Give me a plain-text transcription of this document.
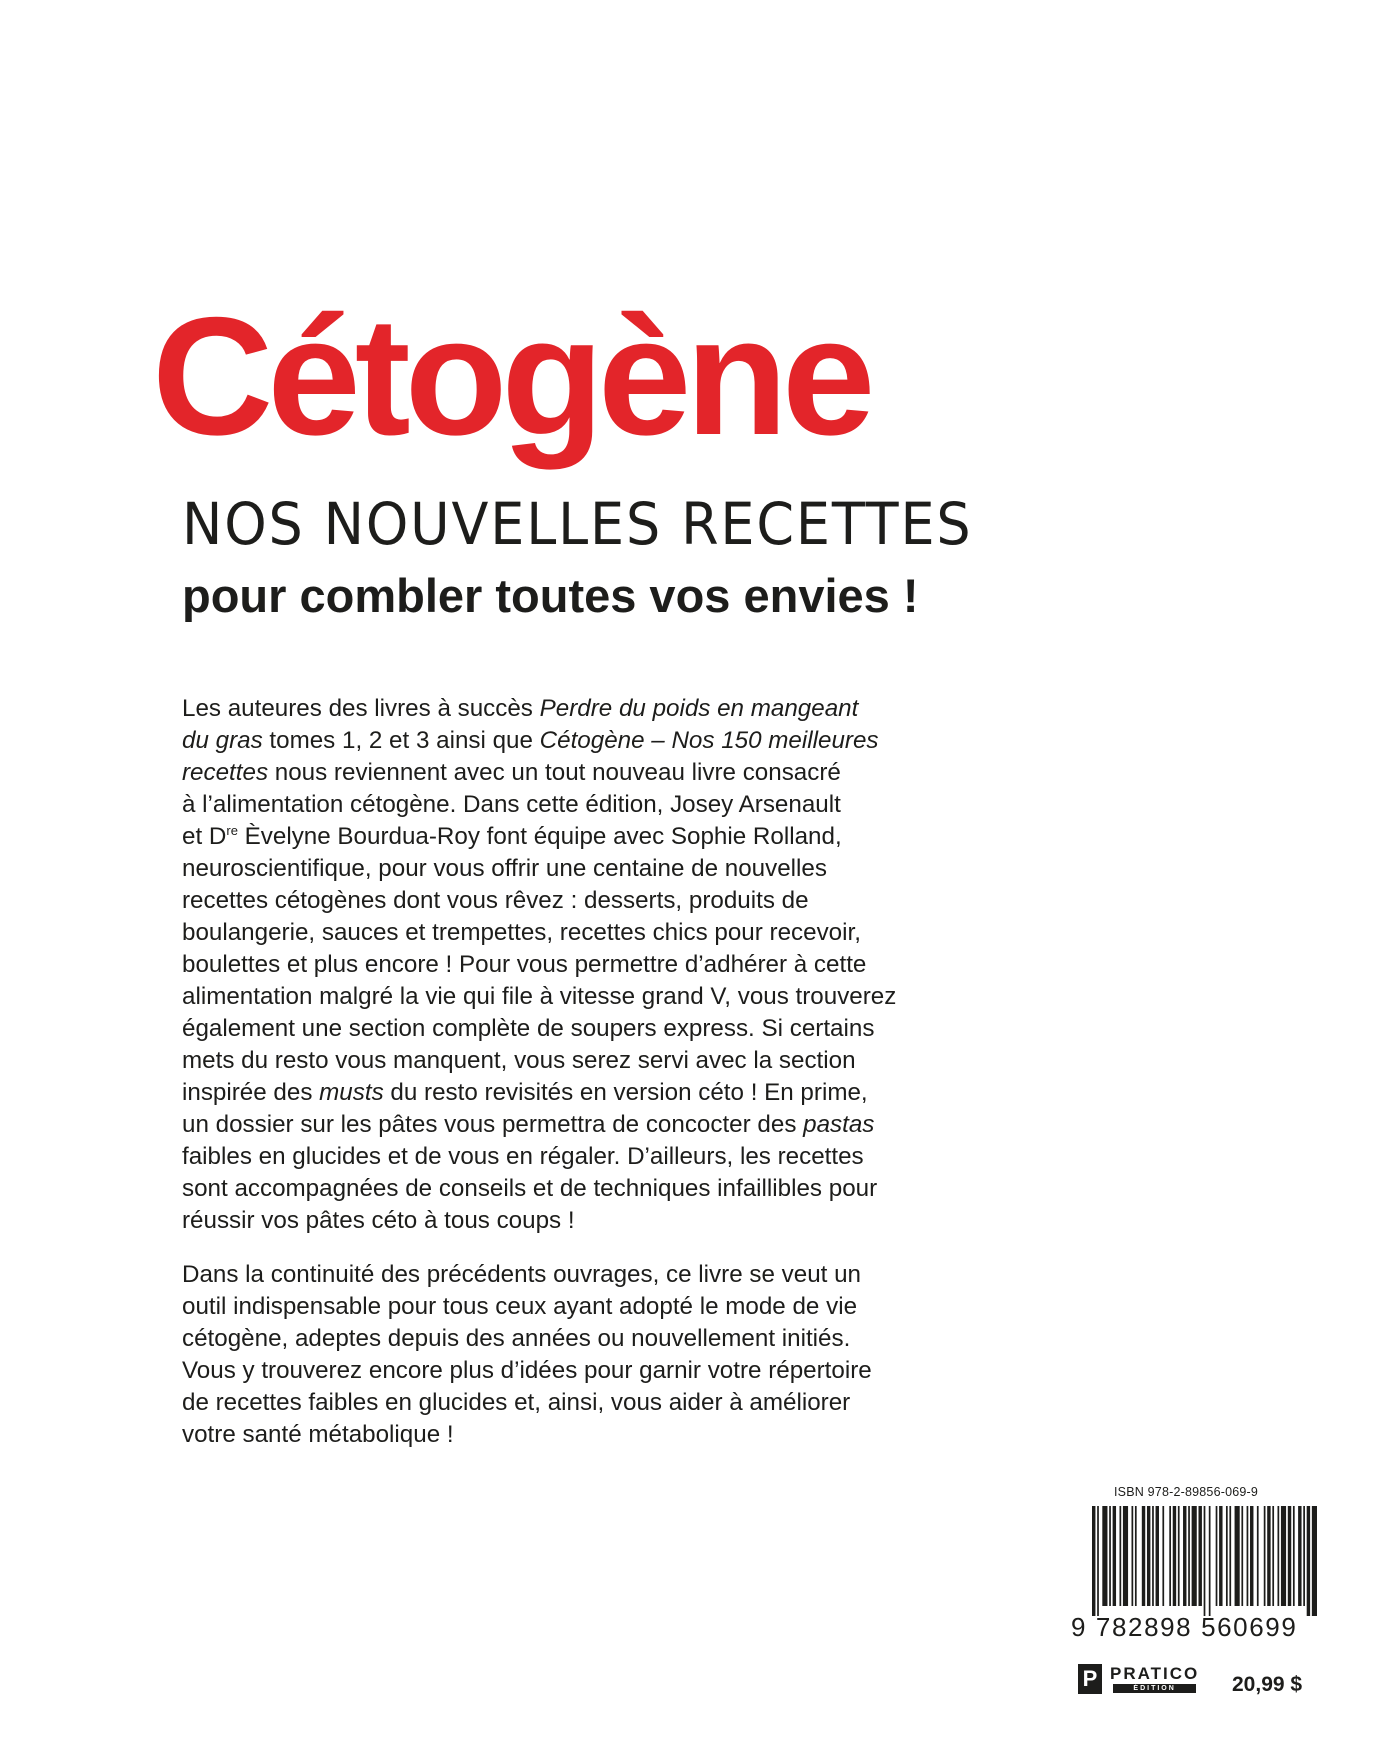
Cétogène
NOS NOUVELLES RECETTES
pour combler toutes vos envies !

Les auteures des livres à succès Perdre du poids en mangeant
du gras tomes 1, 2 et 3 ainsi que Cétogène – Nos 150 meilleures
recettes nous reviennent avec un tout nouveau livre consacré
à l’alimentation cétogène. Dans cette édition, Josey Arsenault
et Dre Èvelyne Bourdua-Roy font équipe avec Sophie Rolland,
neuroscientifique, pour vous offrir une centaine de nouvelles
recettes cétogènes dont vous rêvez : desserts, produits de
boulangerie, sauces et trempettes, recettes chics pour recevoir,
boulettes et plus encore ! Pour vous permettre d’adhérer à cette
alimentation malgré la vie qui file à vitesse grand V, vous trouverez
également une section complète de soupers express. Si certains
mets du resto vous manquent, vous serez servi avec la section
inspirée des musts du resto revisités en version céto ! En prime,
un dossier sur les pâtes vous permettra de concocter des pastas
faibles en glucides et de vous en régaler. D’ailleurs, les recettes
sont accompagnées de conseils et de techniques infaillibles pour
réussir vos pâtes céto à tous coups !

Dans la continuité des précédents ouvrages, ce livre se veut un
outil indispensable pour tous ceux ayant adopté le mode de vie
cétogène, adeptes depuis des années ou nouvellement initiés.
Vous y trouverez encore plus d’idées pour garnir votre répertoire
de recettes faibles en glucides et, ainsi, vous aider à améliorer
votre santé métabolique !

ISBN 978-2-89856-069-9
9 782898 560699
P PRATICO
ÉDITION	20,99 $
